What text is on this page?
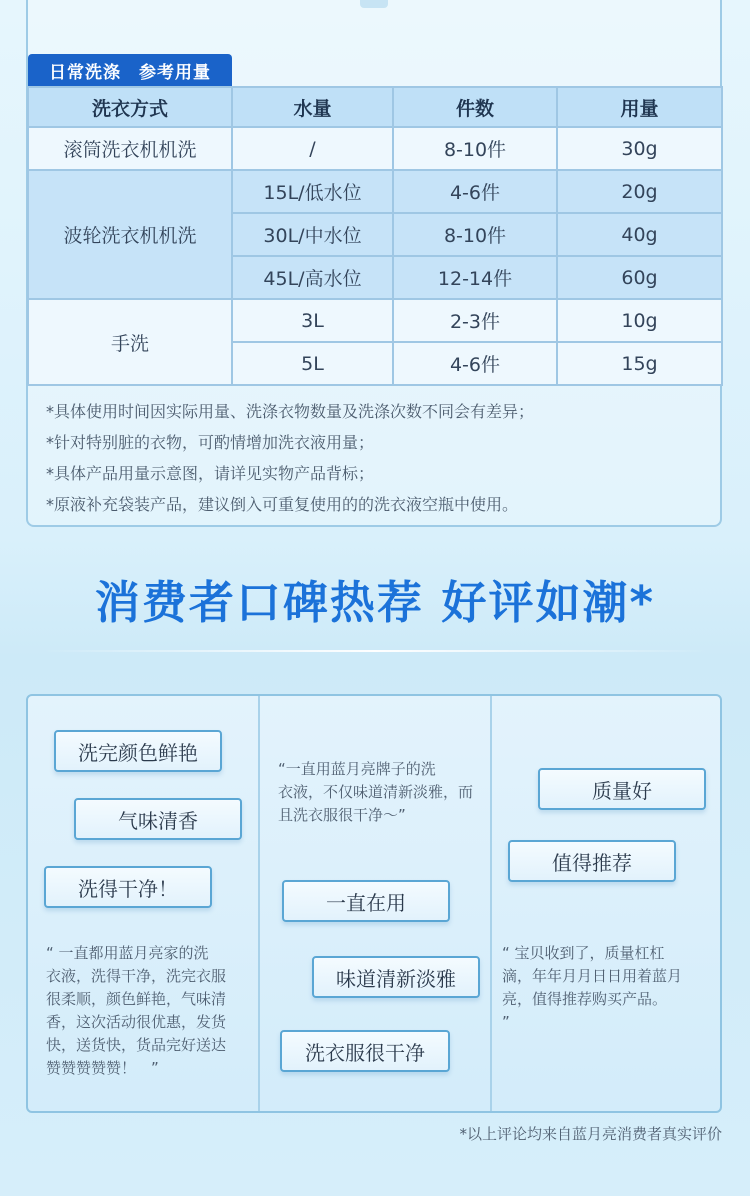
日常洗涤　参考用量
洗衣方式	水量	件数	用量
滚筒洗衣机机洗	/	8-10件	30g
波轮洗衣机机洗	15L/低水位	4-6件	20g
	30L/中水位	8-10件	40g
	45L/高水位	12-14件	60g
手洗	3L	2-3件	10g
	5L	4-6件	15g
*具体使用时间因实际用量、洗涤衣物数量及洗涤次数不同会有差异；
*针对特别脏的衣物，可酌情增加洗衣液用量；
*具体产品用量示意图，请详见实物产品背标；
*原液补充袋装产品，建议倒入可重复使用的的洗衣液空瓶中使用。
消费者口碑热荐 好评如潮*
洗完颜色鲜艳
气味清香
洗得干净！
“ 一直都用蓝月亮家的洗
衣液，洗得干净，洗完衣服
很柔顺，颜色鲜艳，气味清
香，这次活动很优惠，发货
快，送货快，货品完好送达
赞赞赞赞赞！　”
“一直用蓝月亮牌子的洗
衣液，不仅味道清新淡雅，而
且洗衣服很干净～”
一直在用
味道清新淡雅
洗衣服很干净
质量好
值得推荐
“ 宝贝收到了，质量杠杠
滴，年年月月日日用着蓝月
亮，值得推荐购买产品。
”
*以上评论均来自蓝月亮消费者真实评价
